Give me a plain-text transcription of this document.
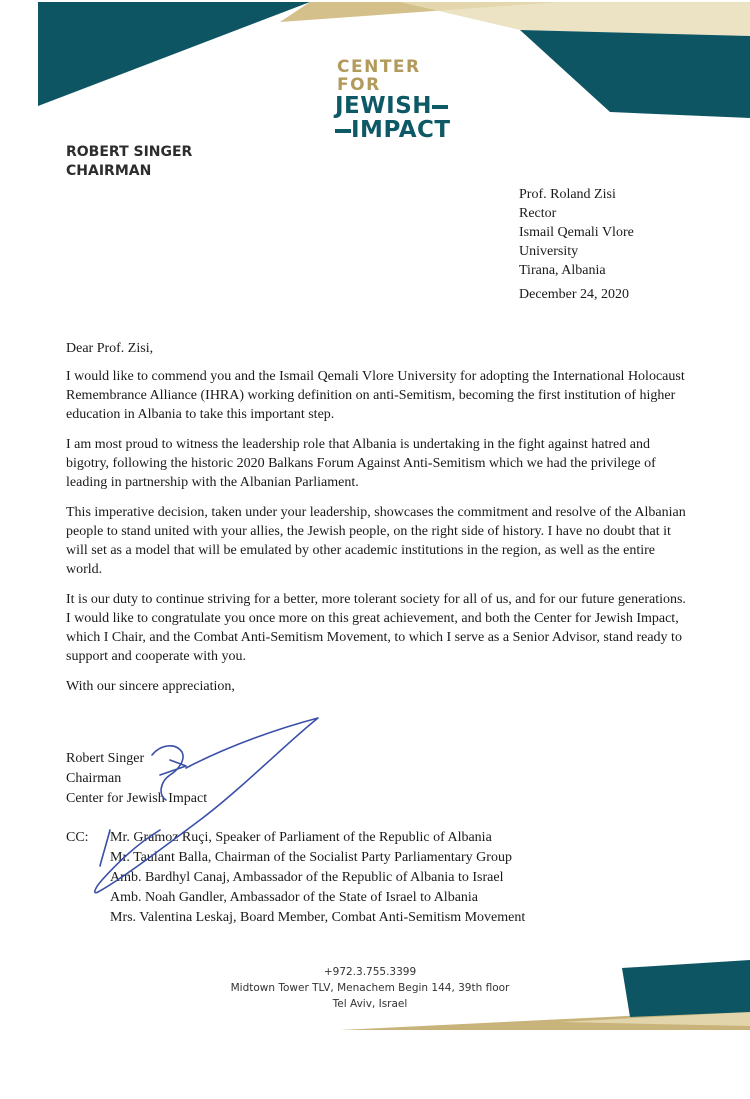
CENTER FOR
JEWISH
IMPACT
ROBERT SINGER
CHAIRMAN
Prof. Roland Zisi
Rector
Ismail Qemali Vlore
University
Tirana, Albania
December 24, 2020

Dear Prof. Zisi,

I would like to commend you and the Ismail Qemali Vlore University for adopting the International Holocaust Remembrance Alliance (IHRA) working definition on anti-Semitism, becoming the first institution of higher education in Albania to take this important step.

I am most proud to witness the leadership role that Albania is undertaking in the fight against hatred and bigotry, following the historic 2020 Balkans Forum Against Anti-Semitism which we had the privilege of leading in partnership with the Albanian Parliament.

This imperative decision, taken under your leadership, showcases the commitment and resolve of the Albanian people to stand united with your allies, the Jewish people, on the right side of history. I have no doubt that it will set as a model that will be emulated by other academic institutions in the region, as well as the entire world.

It is our duty to continue striving for a better, more tolerant society for all of us, and for our future generations. I would like to congratulate you once more on this great achievement, and both the Center for Jewish Impact, which I Chair, and the Combat Anti-Semitism Movement, to which I serve as a Senior Advisor, stand ready to support and cooperate with you.

With our sincere appreciation,

Robert Singer
Chairman
Center for Jewish Impact
CC: Mr. Gramoz Ruçi, Speaker of Parliament of the Republic of Albania
Mr. Taulant Balla, Chairman of the Socialist Party Parliamentary Group
Amb. Bardhyl Canaj, Ambassador of the Republic of Albania to Israel
Amb. Noah Gandler, Ambassador of the State of Israel to Albania
Mrs. Valentina Leskaj, Board Member, Combat Anti-Semitism Movement
+972.3.755.3399
Midtown Tower TLV, Menachem Begin 144, 39th floor
Tel Aviv, Israel
